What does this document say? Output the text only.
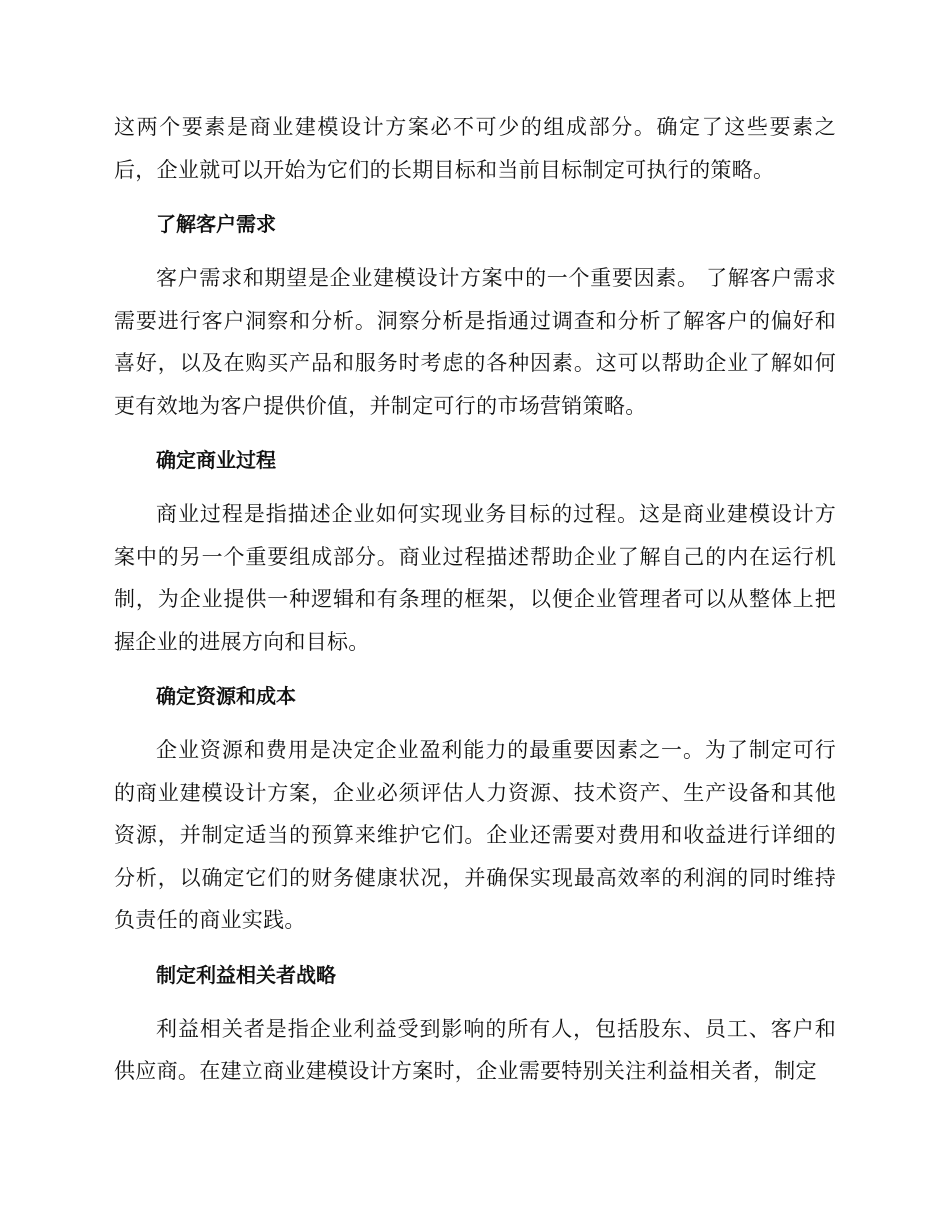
这两个要素是商业建模设计方案必不可少的组成部分。确定了这些要素之后，企业就可以开始为它们的长期目标和当前目标制定可执行的策略。

了解客户需求

客户需求和期望是企业建模设计方案中的一个重要因素。 了解客户需求需要进行客户洞察和分析。洞察分析是指通过调查和分析了解客户的偏好和喜好，以及在购买产品和服务时考虑的各种因素。这可以帮助企业了解如何更有效地为客户提供价值，并制定可行的市场营销策略。

确定商业过程

商业过程是指描述企业如何实现业务目标的过程。这是商业建模设计方案中的另一个重要组成部分。商业过程描述帮助企业了解自己的内在运行机制，为企业提供一种逻辑和有条理的框架，以便企业管理者可以从整体上把握企业的进展方向和目标。

确定资源和成本

企业资源和费用是决定企业盈利能力的最重要因素之一。为了制定可行的商业建模设计方案，企业必须评估人力资源、技术资产、生产设备和其他资源，并制定适当的预算来维护它们。企业还需要对费用和收益进行详细的分析，以确定它们的财务健康状况，并确保实现最高效率的利润的同时维持负责任的商业实践。

制定利益相关者战略

利益相关者是指企业利益受到影响的所有人，包括股东、员工、客户和供应商。在建立商业建模设计方案时，企业需要特别关注利益相关者，制定
